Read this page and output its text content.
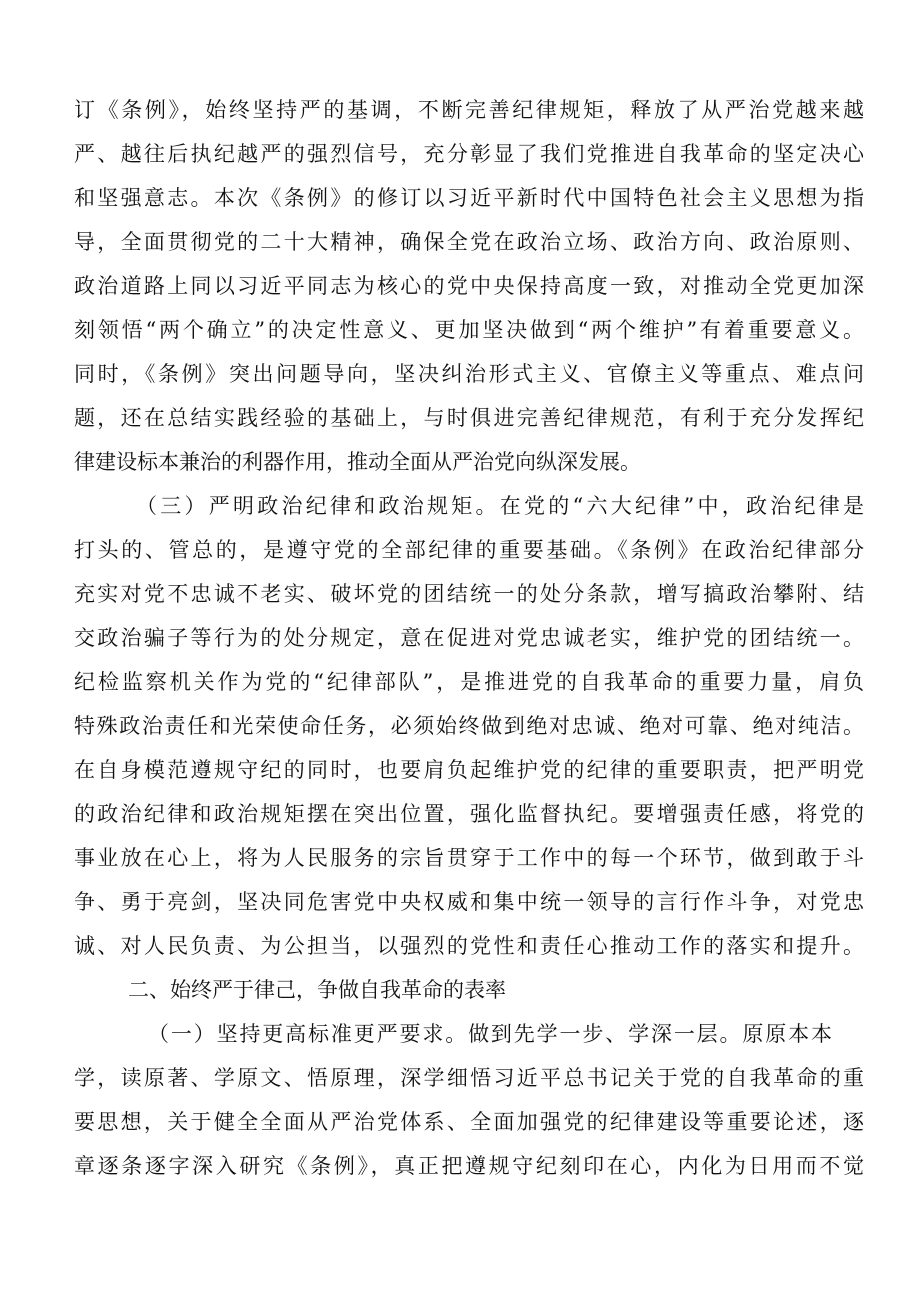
订《条例》，始终坚持严的基调，不断完善纪律规矩，释放了从严治党越来越
严、越往后执纪越严的强烈信号，充分彰显了我们党推进自我革命的坚定决心
和坚强意志。本次《条例》的修订以习近平新时代中国特色社会主义思想为指
导，全面贯彻党的二十大精神，确保全党在政治立场、政治方向、政治原则、
政治道路上同以习近平同志为核心的党中央保持高度一致，对推动全党更加深
刻领悟“两个确立”的决定性意义、更加坚决做到“两个维护”有着重要意义。
同时，《条例》突出问题导向，坚决纠治形式主义、官僚主义等重点、难点问
题，还在总结实践经验的基础上，与时俱进完善纪律规范，有利于充分发挥纪
律建设标本兼治的利器作用，推动全面从严治党向纵深发展。
（三）严明政治纪律和政治规矩。在党的“六大纪律”中，政治纪律是
打头的、管总的，是遵守党的全部纪律的重要基础。《条例》在政治纪律部分
充实对党不忠诚不老实、破坏党的团结统一的处分条款，增写搞政治攀附、结
交政治骗子等行为的处分规定，意在促进对党忠诚老实，维护党的团结统一。
纪检监察机关作为党的“纪律部队”，是推进党的自我革命的重要力量，肩负
特殊政治责任和光荣使命任务，必须始终做到绝对忠诚、绝对可靠、绝对纯洁。
在自身模范遵规守纪的同时，也要肩负起维护党的纪律的重要职责，把严明党
的政治纪律和政治规矩摆在突出位置，强化监督执纪。要增强责任感，将党的
事业放在心上，将为人民服务的宗旨贯穿于工作中的每一个环节，做到敢于斗
争、勇于亮剑，坚决同危害党中央权威和集中统一领导的言行作斗争，对党忠
诚、对人民负责、为公担当，以强烈的党性和责任心推动工作的落实和提升。
二、始终严于律己，争做自我革命的表率
（一）坚持更高标准更严要求。做到先学一步、学深一层。原原本本
学，读原著、学原文、悟原理，深学细悟习近平总书记关于党的自我革命的重
要思想，关于健全全面从严治党体系、全面加强党的纪律建设等重要论述，逐
章逐条逐字深入研究《条例》，真正把遵规守纪刻印在心，内化为日用而不觉
